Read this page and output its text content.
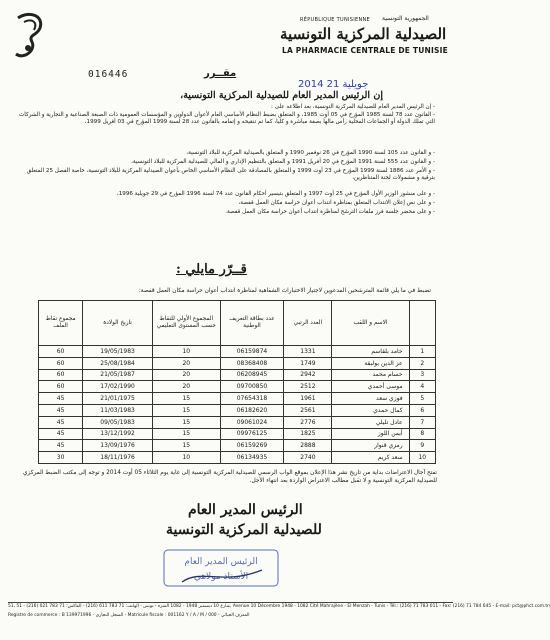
RÉPUBLIQUE TUNISIENNE الجمهورية التونسية
الصيدلية المركزية التونسية
LA PHARMACIE CENTRALE DE TUNISIE
016446	مقــرر
2014 جويلية 21
إن الرئيس المدير العام للصيدلية المركزية التونسية،
- إن الرئيس المدير العام للصيدلية المركزية التونسية، بعد اطلاعه على :
- القانون عدد 78 لسنة 1985 المؤرخ في 05 أوت 1985، و المتعلق بضبط النظام الأساسي العام لأعوان الدواوين و المؤسسات العمومية ذات الصبغة الصناعية و التجارية و الشركات التي تملك الدولة أو الجماعات المحلية رأس مالها بصفة مباشرة و كليا، كما تم تنقيحه و إتمامه بالقانون عدد 28 لسنة 1999 المؤرخ في 03 أفريل 1999،
- و القانون عدد 105 لسنة 1990 المؤرخ في 26 نوفمبر 1990 و المتعلق بالصيدلية المركزية للبلاد التونسية،
- و القانون عدد 555 لسنة 1991 المؤرخ في 20 أفريل 1991 و المتعلق بالتنظيم الإداري و المالي للصيدلية المركزية للبلاد التونسية،
- و الأمر عدد 1886 لسنة 1999 المؤرخ في 23 أوت 1999 و المتعلق بالمصادقة على النظام الأساسي الخاص بأعوان الصيدلية المركزية للبلاد التونسية، خاصة الفصل 25 المتعلق بترقية و مشمولات لجنة المتناظرين،
- و على منشور الوزير الأول المؤرخ في 25 أوت 1997 و المتعلق بتيسير أحكام القانون عدد 74 لسنة 1996 المؤرخ في 29 جويلية 1996،
- و على نص إعلان الانتداب المتعلق بمناظرة انتداب أعوان حراسة مكان العمل قفصة،
- و على محضر جلسة فرز ملفات الترشح لمناظرة انتداب أعوان حراسة مكان العمل قفصة.
قــرّر مايلي :
تضبط في ما يلي قائمة المترشحين المدعوين لاجتياز الاختبارات الشفاهية لمناظرة انتداب أعوان حراسة مكان العمل قفصة:
	الاسم و اللقب	العدد الرتبي	عدد بطاقة التعريف الوطنية	المجموع الأولي للنقاط حسب المستوى التعليمي	تاريخ الولادة	مجموع نقاط الملف
1	حامد بلقاسم	1331	06159874	10	19/05/1983	60
2	عز الدين بولبقة	1749	08368408	20	25/08/1984	60
3	حسام محمد	2942	06208945	20	21/05/1987	60
4	موسى أحمدي	2512	09700850	20	17/02/1990	60
5	فوزي سعد	1961	07654318	15	21/01/1975	45
6	كمال حمدي	2561	06182620	15	11/03/1983	45
7	عادل تليلي	2776	09061024	15	09/05/1983	45
8	أيمن اللوز	1825	09976125	15	13/12/1992	45
9	رمزي قنوار	2888	06159269	15	13/09/1976	45
10	سعد كريم	2740	06134935	10	18/11/1976	30
تفتح آجال الاعتراضات بداية من تاريخ نشر هذا الإعلان بموقع الواب الرسمي للصيدلية المركزية التونسية إلى غاية يوم الثلاثاء 05 أوت 2014 و توجه إلى مكتب الضبط المركزي للصيدلية المركزية التونسية و لا تقبل مطالب الاعتراض الواردة بعد انتهاء الأجل.
الرئيس المدير العام
للصيدلية المركزية التونسية
الرئيس المدير العام
الأستاذ مولاهي
51، شارع 10 ديسمبر 1948 - 1082 المنزه - تونس - الهاتف: 71 783 611 (216) - الفاكس: 71 783 021 (216) - 51, Avenue 10 Décembre 1948 - 1082 Cité Mahrajène - El Menzah - Tunis - Tél.: (216) 71 783 011 - Fax: (216) 71 784 645 - E-mail: pct@phct.com.tn
Registre de commerce : B 139971996 - السجل التجاري - Matricule fiscale : 001162 Y / A / M / 000 - المعرف الجبائي
